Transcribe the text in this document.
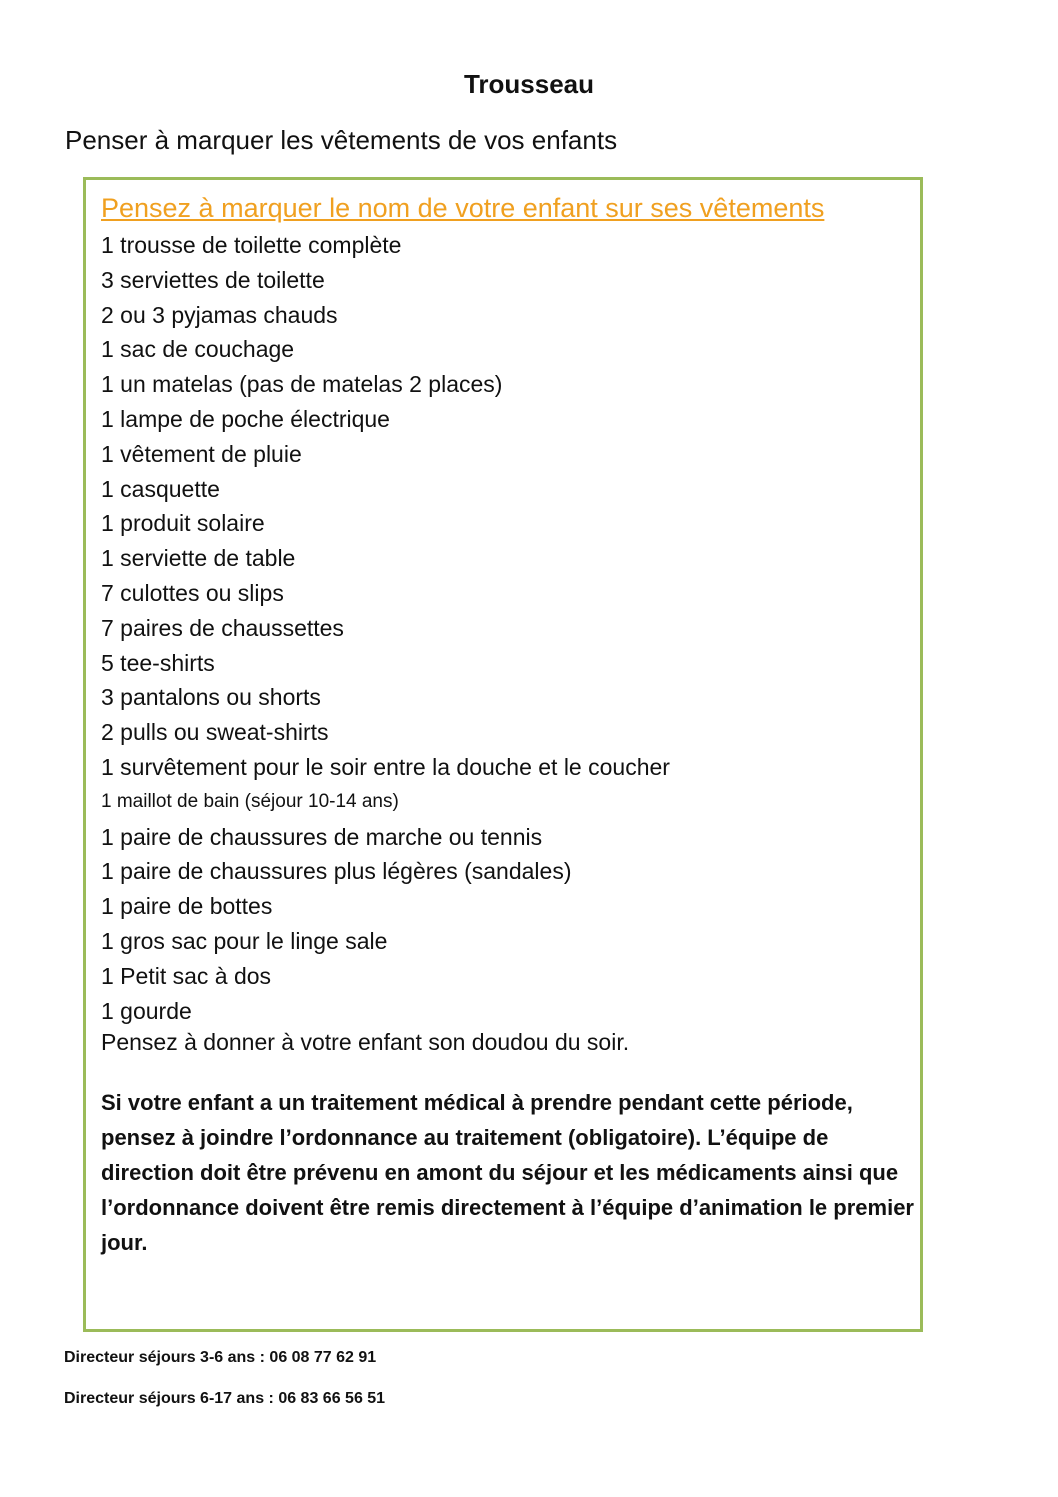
Trousseau
Penser à marquer les vêtements de vos enfants

Pensez à marquer le nom de votre enfant sur ses vêtements

1 trousse de toilette complète
3 serviettes de toilette
2 ou 3 pyjamas chauds
1 sac de couchage
1 un matelas (pas de matelas 2 places)
1 lampe de poche électrique
1 vêtement de pluie
1 casquette
1 produit solaire
1 serviette de table
7 culottes ou slips
7 paires de chaussettes
5 tee-shirts
3 pantalons ou shorts
2 pulls ou sweat-shirts
1 survêtement pour le soir entre la douche et le coucher
1 maillot de bain (séjour 10-14 ans)
1 paire de chaussures de marche ou tennis
1 paire de chaussures plus légères (sandales)
1 paire de bottes
1 gros sac pour le linge sale
1 Petit sac à dos
1 gourde

Pensez à donner à votre enfant son doudou du soir.

Si votre enfant a un traitement médical à prendre pendant cette période, pensez à joindre l’ordonnance au traitement (obligatoire). L’équipe de direction doit être prévenu en amont du séjour et les médicaments ainsi que l’ordonnance doivent être remis directement à l’équipe d’animation le premier jour.

Directeur séjours 3-6 ans : 06 08 77 62 91

Directeur séjours 6-17 ans : 06 83 66 56 51
